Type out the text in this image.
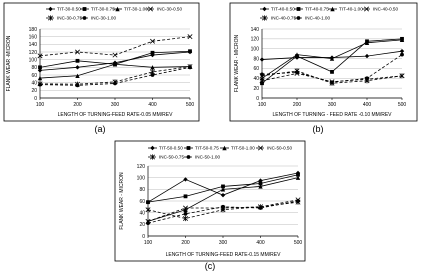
0
20
40
60
80
100
120
140
160
180
100	200	300	400	500
LENGTH OF TURNING-FEED RATE-0.05 MM/REV
FLANK WEAR -MICRON
TIT-30-0.50 TIT-30-0.75 TIT-30-1.00 INC-30-0.50
INC-30-0.75 INC-30-1.00
(a)
0
20
40
60
80
100
120
140
100	200	300	400	500
LENGTH OF TURNING - FEED RATE -0.10 MM/REV
FLANK WEAR - MICRON
TIT-40-0.50 TIT-40-0.75 TIT-40-1.00 INC-40-0.50
INC-40-0.75 INC-40-1.00
(b)
0
20
40
60
80
100
120
100	200	300	400	500
LENGTH OF TURNING-FEED RATE-0.15 MM/REV
FLANK WEAR - MICRON
TIT-50-0.50	TIT-50-0.75	TIT-50-1.00	INC-50-0.50
INC-50-0.75 INC-50-1.00
(c)
